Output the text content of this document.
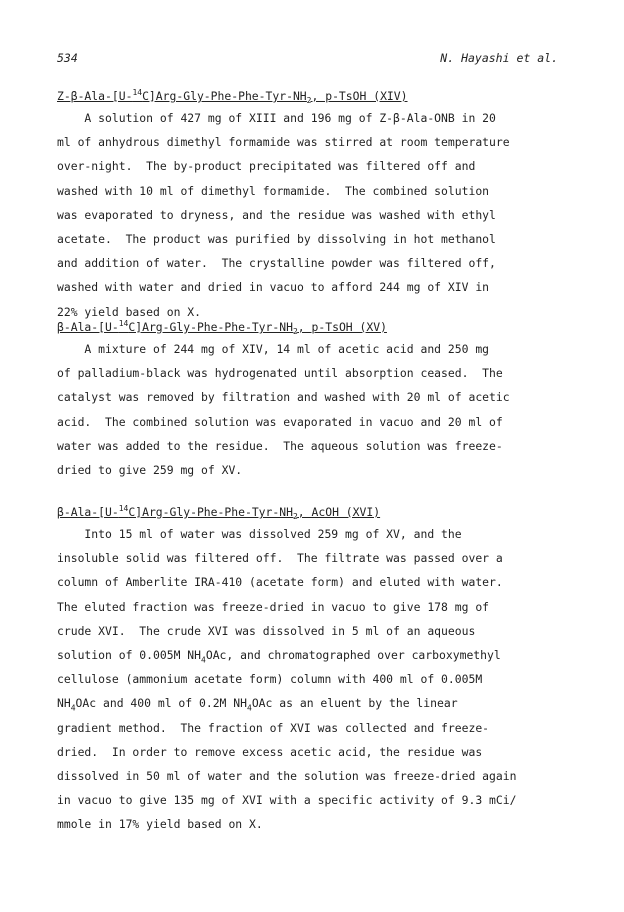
534	N. Hayashi et al.
$Z-\beta-Ala-[U-^{14}C]Arg-Gly-Phe-Phe-Tyr-NH_2$, p-TsOH (XIV)
A solution of 427 mg of XIII and 196 mg of Z-β-Ala-ONB in 20
ml of anhydrous dimethyl formamide was stirred at room temperature
over-night.  The by-product precipitated was filtered off and
washed with 10 ml of dimethyl formamide.  The combined solution
was evaporated to dryness, and the residue was washed with ethyl
acetate.  The product was purified by dissolving in hot methanol
and addition of water.  The crystalline powder was filtered off,
washed with water and dried in vacuo to afford 244 mg of XIV in
22% yield based on X.
$\beta-Ala-[U-^{14}C]Arg-Gly-Phe-Phe-Tyr-NH_2$, p-TsOH (XV)
A mixture of 244 mg of XIV, 14 ml of acetic acid and 250 mg
of palladium-black was hydrogenated until absorption ceased.  The
catalyst was removed by filtration and washed with 20 ml of acetic
acid.  The combined solution was evaporated in vacuo and 20 ml of
water was added to the residue.  The aqueous solution was freeze-
dried to give 259 mg of XV.
$\beta-Ala-[U-^{14}C]Arg-Gly-Phe-Phe-Tyr-NH_2$, AcOH (XVI)
Into 15 ml of water was dissolved 259 mg of XV, and the
insoluble solid was filtered off.  The filtrate was passed over a
column of Amberlite IRA-410 (acetate form) and eluted with water.
The eluted fraction was freeze-dried in vacuo to give 178 mg of
crude XVI.  The crude XVI was dissolved in 5 ml of an aqueous
solution of 0.005M $NH_4OAc$, and chromatographed over carboxymethyl
cellulose (ammonium acetate form) column with 400 ml of 0.005M
$NH_4OAc$ and 400 ml of 0.2M $NH_4OAc$ as an eluent by the linear
gradient method.  The fraction of XVI was collected and freeze-
dried.  In order to remove excess acetic acid, the residue was
dissolved in 50 ml of water and the solution was freeze-dried again
in vacuo to give 135 mg of XVI with a specific activity of 9.3 mCi/
mmole in 17% yield based on X.
